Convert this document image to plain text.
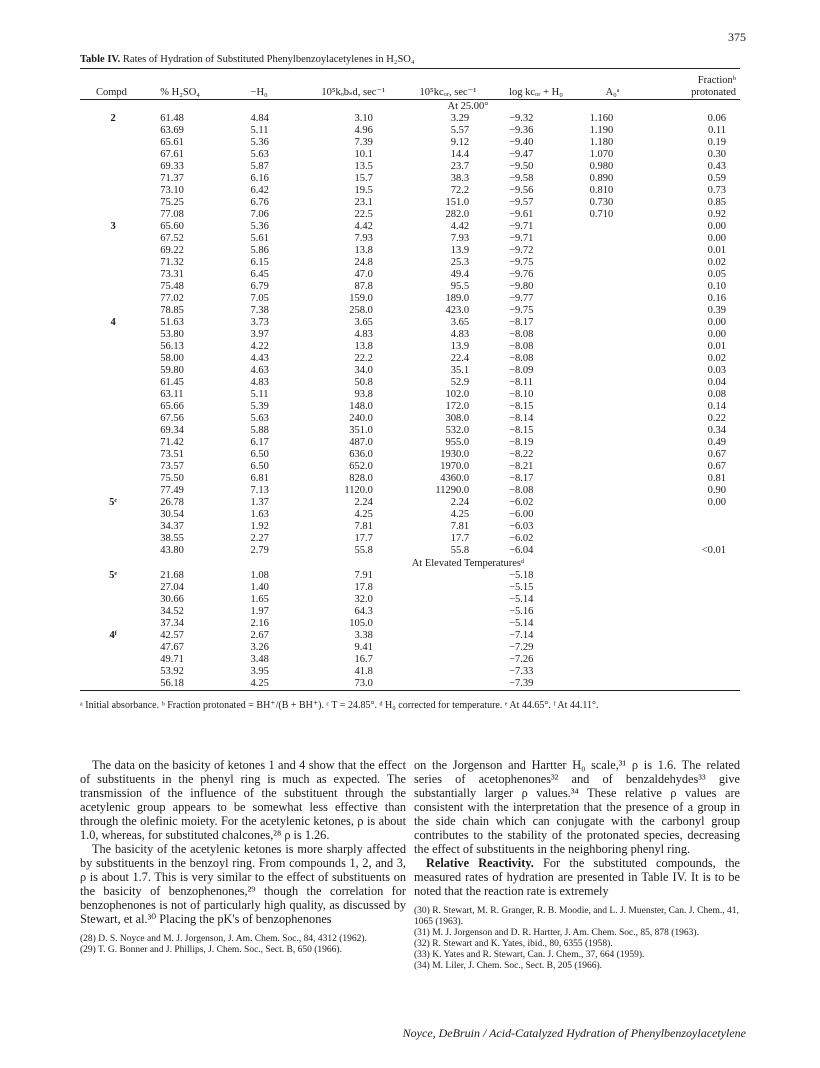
375
Table IV. Rates of Hydration of Substituted Phenylbenzoylacetylenes in H₂SO₄
Compd	% H₂SO₄	−H₀	10⁵kₒbₛd, sec⁻¹	10⁵kcₒᵣ, sec⁻¹	log kcₒᵣ + H₀	A₀ᵃ	Fractionᵇ
protonated

At 25.00°							
2	61.48	4.84	3.10	3.29	−9.32	1.160	0.06
	63.69	5.11	4.96	5.57	−9.36	1.190	0.11
	65.61	5.36	7.39	9.12	−9.40	1.180	0.19
	67.61	5.63	10.1	14.4	−9.47	1.070	0.30
	69.33	5.87	13.5	23.7	−9.50	0.980	0.43
	71.37	6.16	15.7	38.3	−9.58	0.890	0.59
	73.10	6.42	19.5	72.2	−9.56	0.810	0.73
	75.25	6.76	23.1	151.0	−9.57	0.730	0.85
	77.08	7.06	22.5	282.0	−9.61	0.710	0.92
3	65.60	5.36	4.42	4.42	−9.71		0.00
	67.52	5.61	7.93	7.93	−9.71		0.00
	69.22	5.86	13.8	13.9	−9.72		0.01
	71.32	6.15	24.8	25.3	−9.75		0.02
	73.31	6.45	47.0	49.4	−9.76		0.05
	75.48	6.79	87.8	95.5	−9.80		0.10
	77.02	7.05	159.0	189.0	−9.77		0.16
	78.85	7.38	258.0	423.0	−9.75		0.39
4	51.63	3.73	3.65	3.65	−8.17		0.00
	53.80	3.97	4.83	4.83	−8.08		0.00
	56.13	4.22	13.8	13.9	−8.08		0.01
	58.00	4.43	22.2	22.4	−8.08		0.02
	59.80	4.63	34.0	35.1	−8.09		0.03
	61.45	4.83	50.8	52.9	−8.11		0.04
	63.11	5.11	93.8	102.0	−8.10		0.08
	65.66	5.39	148.0	172.0	−8.15		0.14
	67.56	5.63	240.0	308.0	−8.14		0.22
	69.34	5.88	351.0	532.0	−8.15		0.34
	71.42	6.17	487.0	955.0	−8.19		0.49
	73.51	6.50	636.0	1930.0	−8.22		0.67
	73.57	6.50	652.0	1970.0	−8.21		0.67
	75.50	6.81	828.0	4360.0	−8.17		0.81
	77.49	7.13	1120.0	11290.0	−8.08		0.90
5ᶜ	26.78	1.37	2.24	2.24	−6.02		0.00
	30.54	1.63	4.25	4.25	−6.00		
	34.37	1.92	7.81	7.81	−6.03		
	38.55	2.27	17.7	17.7	−6.02		
	43.80	2.79	55.8	55.8	−6.04		<0.01
At Elevated Temperaturesᵈ							
5ᵉ	21.68	1.08	7.91		−5.18		
	27.04	1.40	17.8		−5.15		
	30.66	1.65	32.0		−5.14		
	34.52	1.97	64.3		−5.16		
	37.34	2.16	105.0		−5.14		
4ᶠ	42.57	2.67	3.38		−7.14		
	47.67	3.26	9.41		−7.29		
	49.71	3.48	16.7		−7.26		
	53.92	3.95	41.8		−7.33		
	56.18	4.25	73.0		−7.39		
ᵃ Initial absorbance. ᵇ Fraction protonated = BH⁺/(B + BH⁺). ᶜ T = 24.85°. ᵈ H₀ corrected for temperature. ᵉ At 44.65°. ᶠ At 44.11°.

The data on the basicity of ketones 1 and 4 show that the effect of substituents in the phenyl ring is much as expected. The transmission of the influence of the substituent through the acetylenic group appears to be somewhat less effective than through the olefinic moiety. For the acetylenic ketones, ρ is about 1.0, whereas, for substituted chalcones,²⁸ ρ is 1.26.

The basicity of the acetylenic ketones is more sharply affected by substituents in the benzoyl ring. From compounds 1, 2, and 3, ρ is about 1.7. This is very similar to the effect of substituents on the basicity of benzophenones,²⁹ though the correlation for benzophenones is not of particularly high quality, as discussed by Stewart, et al.³⁰ Placing the pK's of benzophenones

(28) D. S. Noyce and M. J. Jorgenson, J. Am. Chem. Soc., 84, 4312 (1962).
(29) T. G. Bonner and J. Phillips, J. Chem. Soc., Sect. B, 650 (1966).

on the Jorgenson and Hartter H₀ scale,³¹ ρ is 1.6. The related series of acetophenones³² and of benzaldehydes³³ give substantially larger ρ values.³⁴ These relative ρ values are consistent with the interpretation that the presence of a group in the side chain which can conjugate with the carbonyl group contributes to the stability of the protonated species, decreasing the effect of substituents in the neighboring phenyl ring.

Relative Reactivity. For the substituted compounds, the measured rates of hydration are presented in Table IV. It is to be noted that the reaction rate is extremely

(30) R. Stewart, M. R. Granger, R. B. Moodie, and L. J. Muenster, Can. J. Chem., 41, 1065 (1963).
(31) M. J. Jorgenson and D. R. Hartter, J. Am. Chem. Soc., 85, 878 (1963).
(32) R. Stewart and K. Yates, ibid., 80, 6355 (1958).
(33) K. Yates and R. Stewart, Can. J. Chem., 37, 664 (1959).
(34) M. Liler, J. Chem. Soc., Sect. B, 205 (1966).
Noyce, DeBruin / Acid-Catalyzed Hydration of Phenylbenzoylacetylene
